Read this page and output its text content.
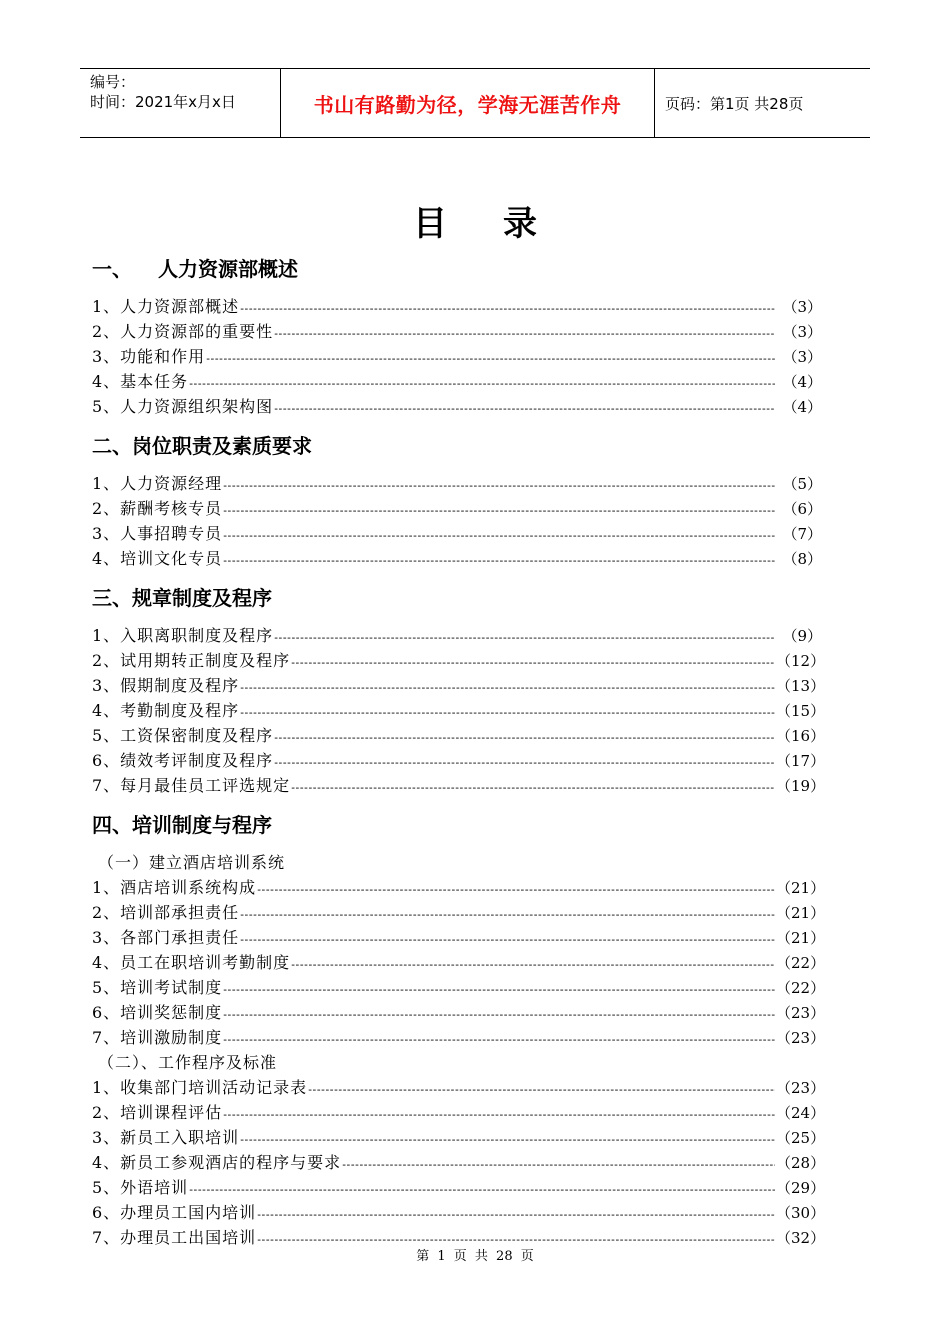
编号：
时间：2021年x月x日	书山有路勤为径，学海无涯苦作舟	页码：第1页 共28页
目录
一、 人力资源部概述
1、人力资源部概述 -----	（3）
2、人力资源部的重要性 -----	（3）
3、功能和作用 -----	（3）
4、基本任务 -----	（4）
5、人力资源组织架构图 -----	（4）
二、岗位职责及素质要求
1、人力资源经理 -----	（5）
2、薪酬考核专员 -----	（6）
3、人事招聘专员 -----	（7）
4、培训文化专员 -----	（8）
三、规章制度及程序
1、入职离职制度及程序 -----	（9）
2、试用期转正制度及程序 -----	（12）
3、假期制度及程序 -----	（13）
4、考勤制度及程序 -----	（15）
5、工资保密制度及程序 -----	（16）
6、绩效考评制度及程序 -----	（17）
7、每月最佳员工评选规定 -----	（19）
四、培训制度与程序
（一）建立酒店培训系统
1、酒店培训系统构成 -----	（21）
2、培训部承担责任 -----	（21）
3、各部门承担责任 -----	（21）
4、员工在职培训考勤制度 -----	（22）
5、培训考试制度 -----	（22）
6、培训奖惩制度 -----	（23）
7、培训激励制度 -----	（23）
（二）、工作程序及标准
1、收集部门培训活动记录表 -----	（23）
2、培训课程评估 -----	（24）
3、新员工入职培训 -----	（25）
4、新员工参观酒店的程序与要求 -----	（28）
5、外语培训 -----	（29）
6、办理员工国内培训 -----	（30）
7、办理员工出国培训 -----	（32）
第 1 页 共 28 页
